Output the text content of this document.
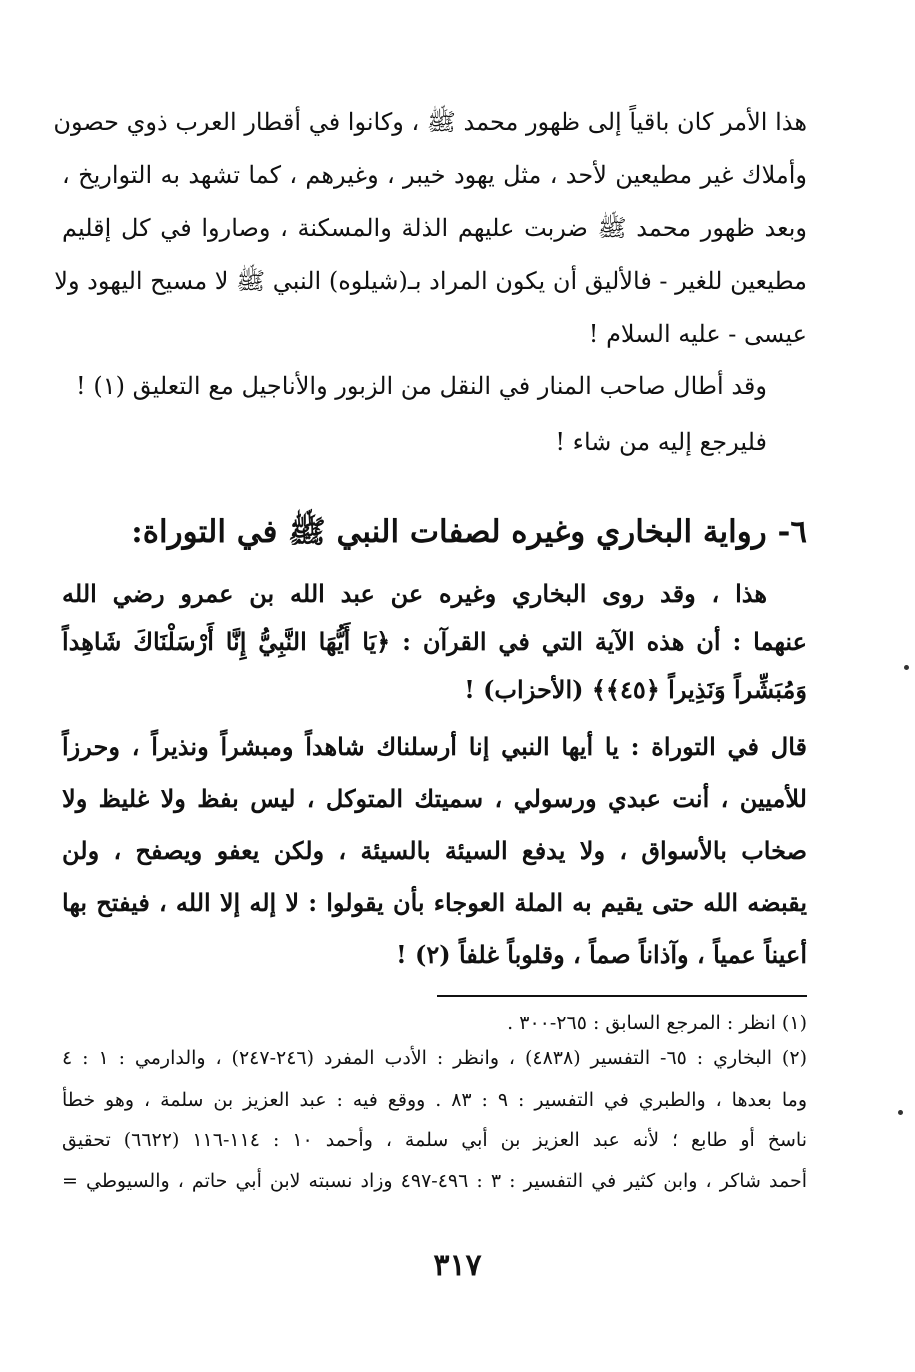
هذا الأمر كان باقياً إلى ظهور محمد ﷺ ، وكانوا في أقطار العرب ذوي حصون
وأملاك غير مطيعين لأحد ، مثل يهود خيبر ، وغيرهم ، كما تشهد به التواريخ ،
وبعد ظهور محمد ﷺ ضربت عليهم الذلة والمسكنة ، وصاروا في كل إقليم
مطيعين للغير - فالأليق أن يكون المراد بـ(شيلوه) النبي ﷺ لا مسيح اليهود ولا
عيسى - عليه السلام !
وقد أطال صاحب المنار في النقل من الزبور والأناجيل مع التعليق (١) !
فليرجع إليه من شاء !
٦- رواية البخاري وغيره لصفات النبي ﷺ في التوراة:
هذا ، وقد روى البخاري وغيره عن عبد الله بن عمرو رضي الله
عنهما : أن هذه الآية التي في القرآن : ﴿يَا أَيُّهَا النَّبِيُّ إِنَّا أَرْسَلْنَاكَ شَاهِداً
وَمُبَشِّراً وَنَذِيراً ﴿٤٥﴾﴾ (الأحزاب) !
قال في التوراة : يا أيها النبي إنا أرسلناك شاهداً ومبشراً ونذيراً ، وحرزاً
للأميين ، أنت عبدي ورسولي ، سميتك المتوكل ، ليس بفظ ولا غليظ ولا
صخاب بالأسواق ، ولا يدفع السيئة بالسيئة ، ولكن يعفو ويصفح ، ولن
يقبضه الله حتى يقيم به الملة العوجاء بأن يقولوا : لا إله إلا الله ، فيفتح بها
أعيناً عمياً ، وآذاناً صماً ، وقلوباً غلفاً (٢) !
(١) انظر : المرجع السابق : ٢٦٥-٣٠٠ .
(٢) البخاري : ٦٥- التفسير (٤٨٣٨) ، وانظر : الأدب المفرد (٢٤٦-٢٤٧) ، والدارمي : ١ : ٤
وما بعدها ، والطبري في التفسير : ٩ : ٨٣ . ووقع فيه : عبد العزيز بن سلمة ، وهو خطأ
ناسخ أو طابع ؛ لأنه عبد العزيز بن أبي سلمة ، وأحمد ١٠ : ١١٤-١١٦ (٦٦٢٢) تحقيق
أحمد شاكر ، وابن كثير في التفسير : ٣ : ٤٩٦-٤٩٧ وزاد نسبته لابن أبي حاتم ، والسيوطي =
٣١٧
